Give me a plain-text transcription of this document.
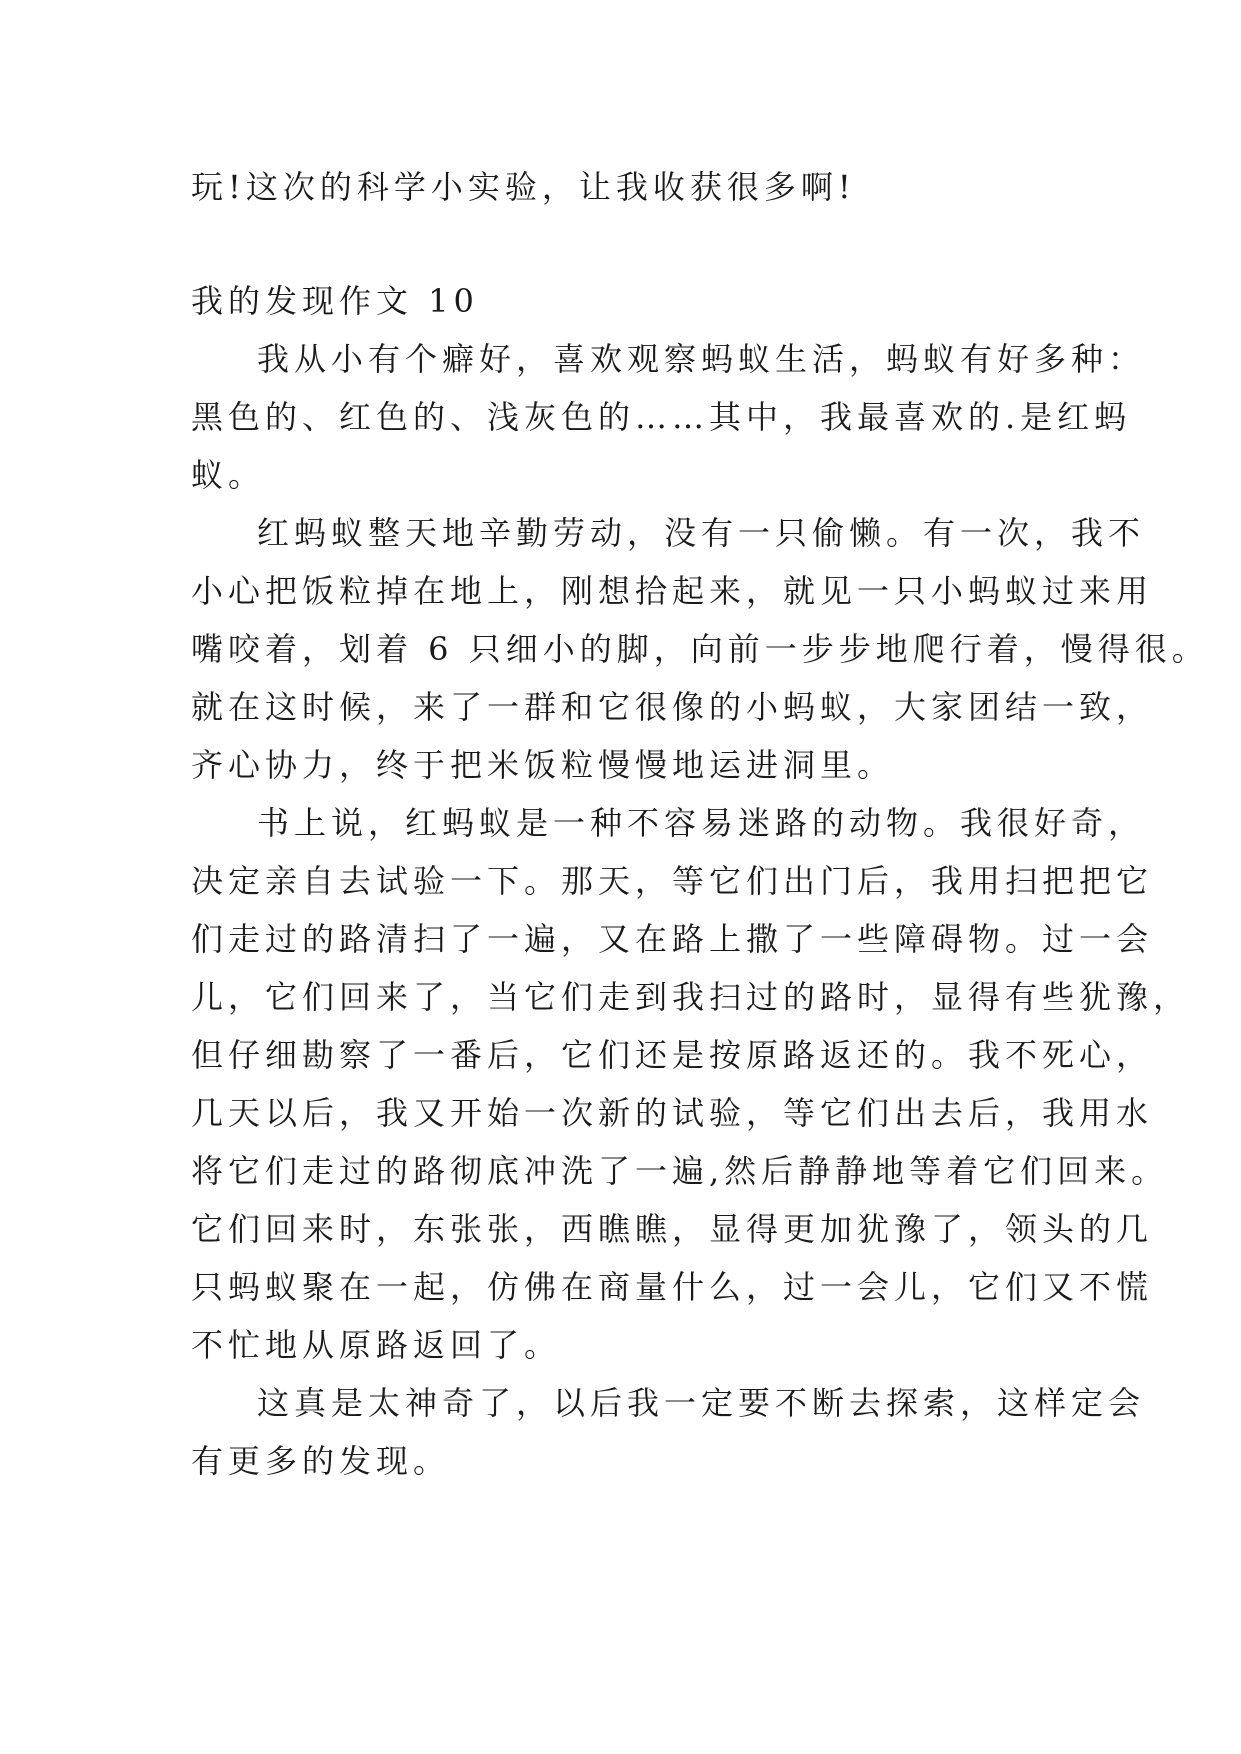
玩!这次的科学小实验，让我收获很多啊!
我的发现作文 10
我从小有个癖好，喜欢观察蚂蚁生活，蚂蚁有好多种：
黑色的、红色的、浅灰色的……其中，我最喜欢的.是红蚂
蚁。
红蚂蚁整天地辛勤劳动，没有一只偷懒。有一次，我不
小心把饭粒掉在地上，刚想拾起来，就见一只小蚂蚁过来用
嘴咬着，划着 6 只细小的脚，向前一步步地爬行着，慢得很。
就在这时候，来了一群和它很像的小蚂蚁，大家团结一致，
齐心协力，终于把米饭粒慢慢地运进洞里。
书上说，红蚂蚁是一种不容易迷路的动物。我很好奇，
决定亲自去试验一下。那天，等它们出门后，我用扫把把它
们走过的路清扫了一遍，又在路上撒了一些障碍物。过一会
儿，它们回来了，当它们走到我扫过的路时，显得有些犹豫，
但仔细勘察了一番后，它们还是按原路返还的。我不死心，
几天以后，我又开始一次新的试验，等它们出去后，我用水
将它们走过的路彻底冲洗了一遍,然后静静地等着它们回来。
它们回来时，东张张，西瞧瞧，显得更加犹豫了，领头的几
只蚂蚁聚在一起，仿佛在商量什么，过一会儿，它们又不慌
不忙地从原路返回了。
这真是太神奇了，以后我一定要不断去探索，这样定会
有更多的发现。
